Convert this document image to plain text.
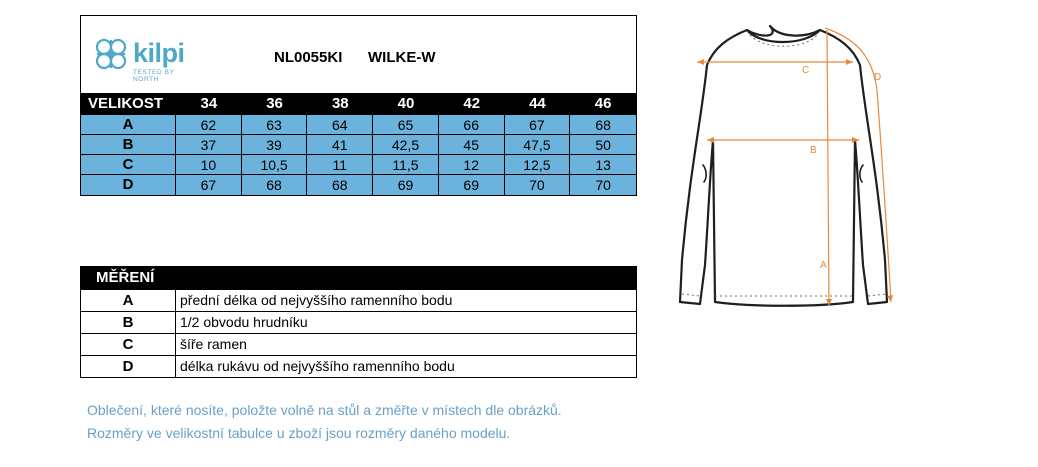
kilpi
TESTED BY NORTH
NL0055KI WILKE-W
VELIKOST	34	36	38	40	42	44	46
A	62	63	64	65	66	67	68
B	37	39	41	42,5	45	47,5	50
C	10	10,5	11	11,5	12	12,5	13
D	67	68	68	69	69	70	70
MĚŘENÍ
A	přední délka od nejvyššího ramenního bodu
B	1/2 obvodu hrudníku
C	šíře ramen
D	délka rukávu od nejvyššího ramenního bodu
Oblečení, které nosíte, položte volně na stůl a změřte v místech dle obrázků.
Rozměry ve velikostní tabulce u zboží jsou rozměry daného modelu.
C
B
A
D
